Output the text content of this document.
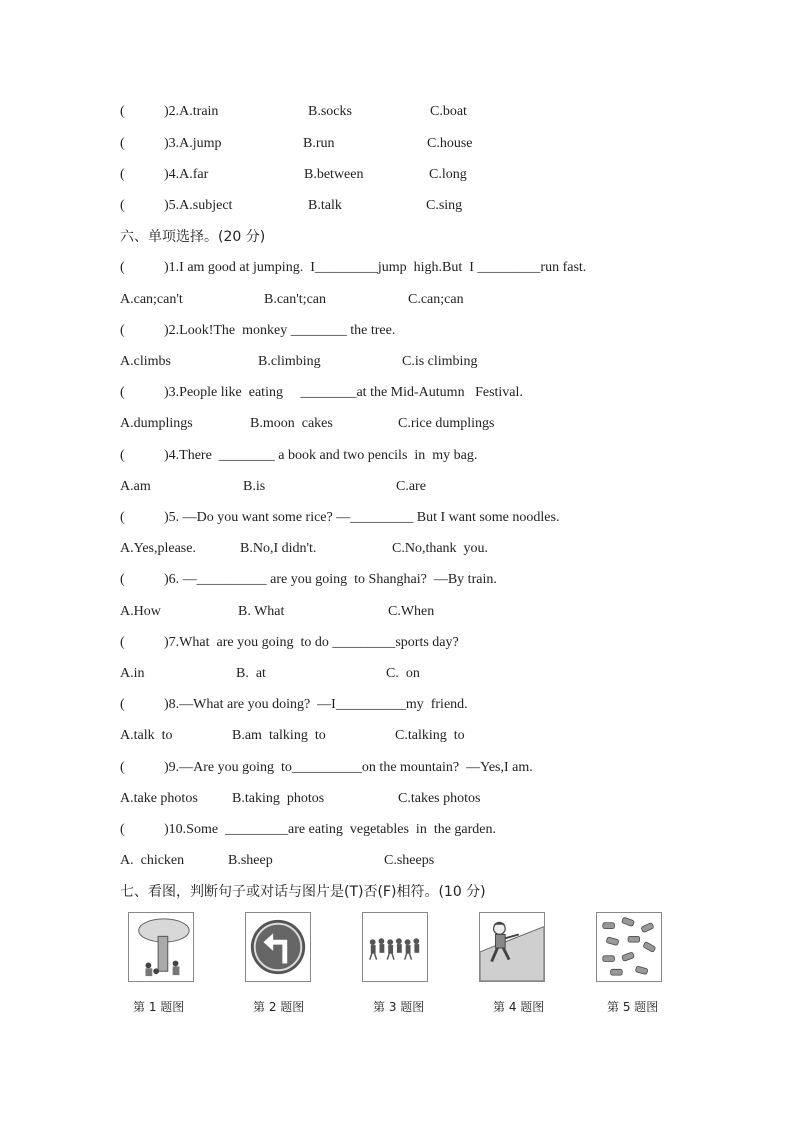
(	)2.A.train	B.socks	C.boat
(	)3.A.jump	B.run	C.house
(	)4.A.far	B.between	C.long
(	)5.A.subject	B.talk	C.sing
六、单项选择。(20 分)
(	)1.I am good at jumping.  I_________jump  high.But  I _________run fast.
A.can;can't	B.can't;can	C.can;can
(	)2.Look!The  monkey ________ the tree.
A.climbs	B.climbing	C.is climbing
(	)3.People like  eating     ________at the Mid-Autumn   Festival.
A.dumplings	B.moon  cakes	C.rice dumplings
(	)4.There  ________ a book and two pencils  in  my bag.
A.am	B.is	C.are
(	)5. —Do you want some rice? —_________ But I want some noodles.
A.Yes,please.	B.No,I didn't.	C.No,thank  you.
(	)6. —__________ are you going  to Shanghai?  —By train.
A.How	B. What	C.When
(	)7.What  are you going  to do _________sports day?
A.in	B.  at	C.  on
(	)8.—What are you doing?  —I__________my  friend.
A.talk  to	B.am  talking  to	C.talking  to
(	)9.—Are you going  to__________on the mountain?  —Yes,I am.
A.take photos B.taking  photos	C.takes photos
(	)10.Some  _________are eating  vegetables  in  the garden.
A.  chicken	B.sheep	C.sheeps
七、看图，判断句子或对话与图片是(T)否(F)相符。(10 分)
第 1 题图	第 2 题图	第 3 题图	第 4 题图	第 5 题图
